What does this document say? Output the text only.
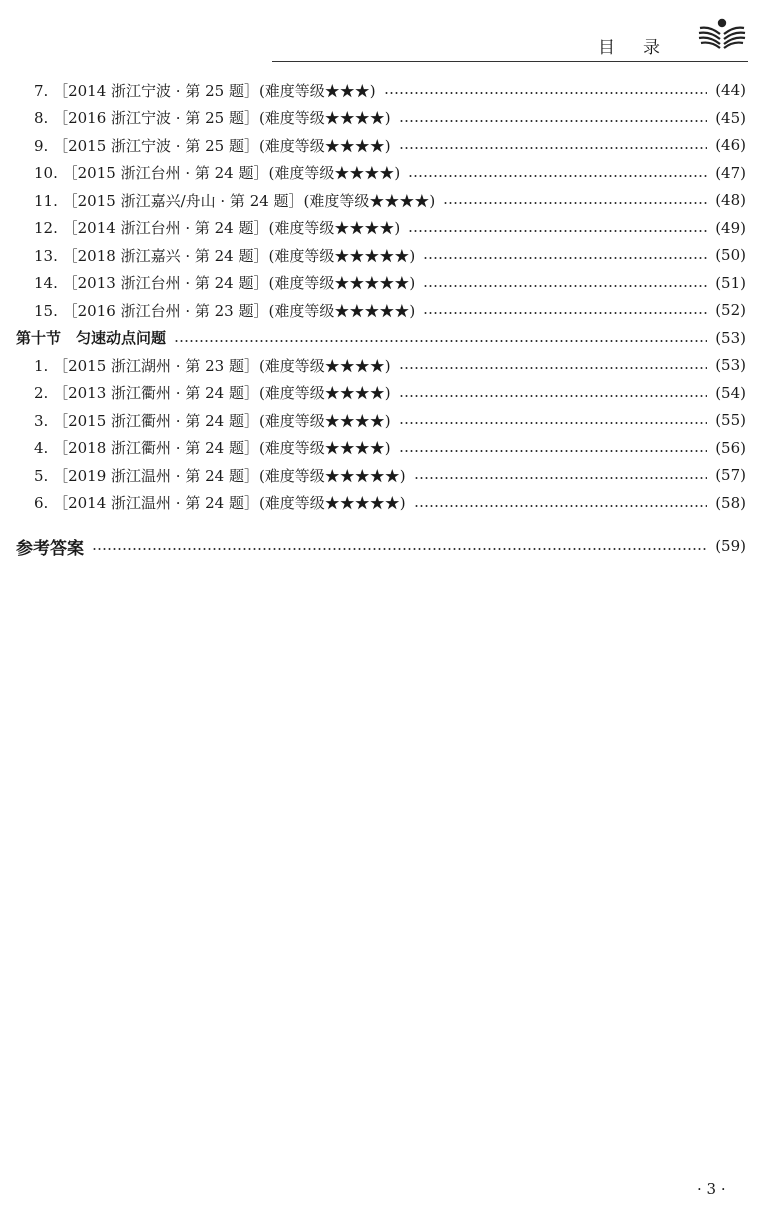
目 录
7. ［2014 浙江宁波 · 第 25 题］(难度等级★★★)	(44)
8. ［2016 浙江宁波 · 第 25 题］(难度等级★★★★)	(45)
9. ［2015 浙江宁波 · 第 25 题］(难度等级★★★★)	(46)
10. ［2015 浙江台州 · 第 24 题］(难度等级★★★★)	(47)
11. ［2015 浙江嘉兴/舟山 · 第 24 题］(难度等级★★★★)	(48)
12. ［2014 浙江台州 · 第 24 题］(难度等级★★★★)	(49)
13. ［2018 浙江嘉兴 · 第 24 题］(难度等级★★★★★)	(50)
14. ［2013 浙江台州 · 第 24 题］(难度等级★★★★★)	(51)
15. ［2016 浙江台州 · 第 23 题］(难度等级★★★★★)	(52)
第十节　匀速动点问题	(53)
1. ［2015 浙江湖州 · 第 23 题］(难度等级★★★★)	(53)
2. ［2013 浙江衢州 · 第 24 题］(难度等级★★★★)	(54)
3. ［2015 浙江衢州 · 第 24 题］(难度等级★★★★)	(55)
4. ［2018 浙江衢州 · 第 24 题］(难度等级★★★★)	(56)
5. ［2019 浙江温州 · 第 24 题］(难度等级★★★★★)	(57)
6. ［2014 浙江温州 · 第 24 题］(难度等级★★★★★)	(58)
参考答案	(59)
· 3 ·
